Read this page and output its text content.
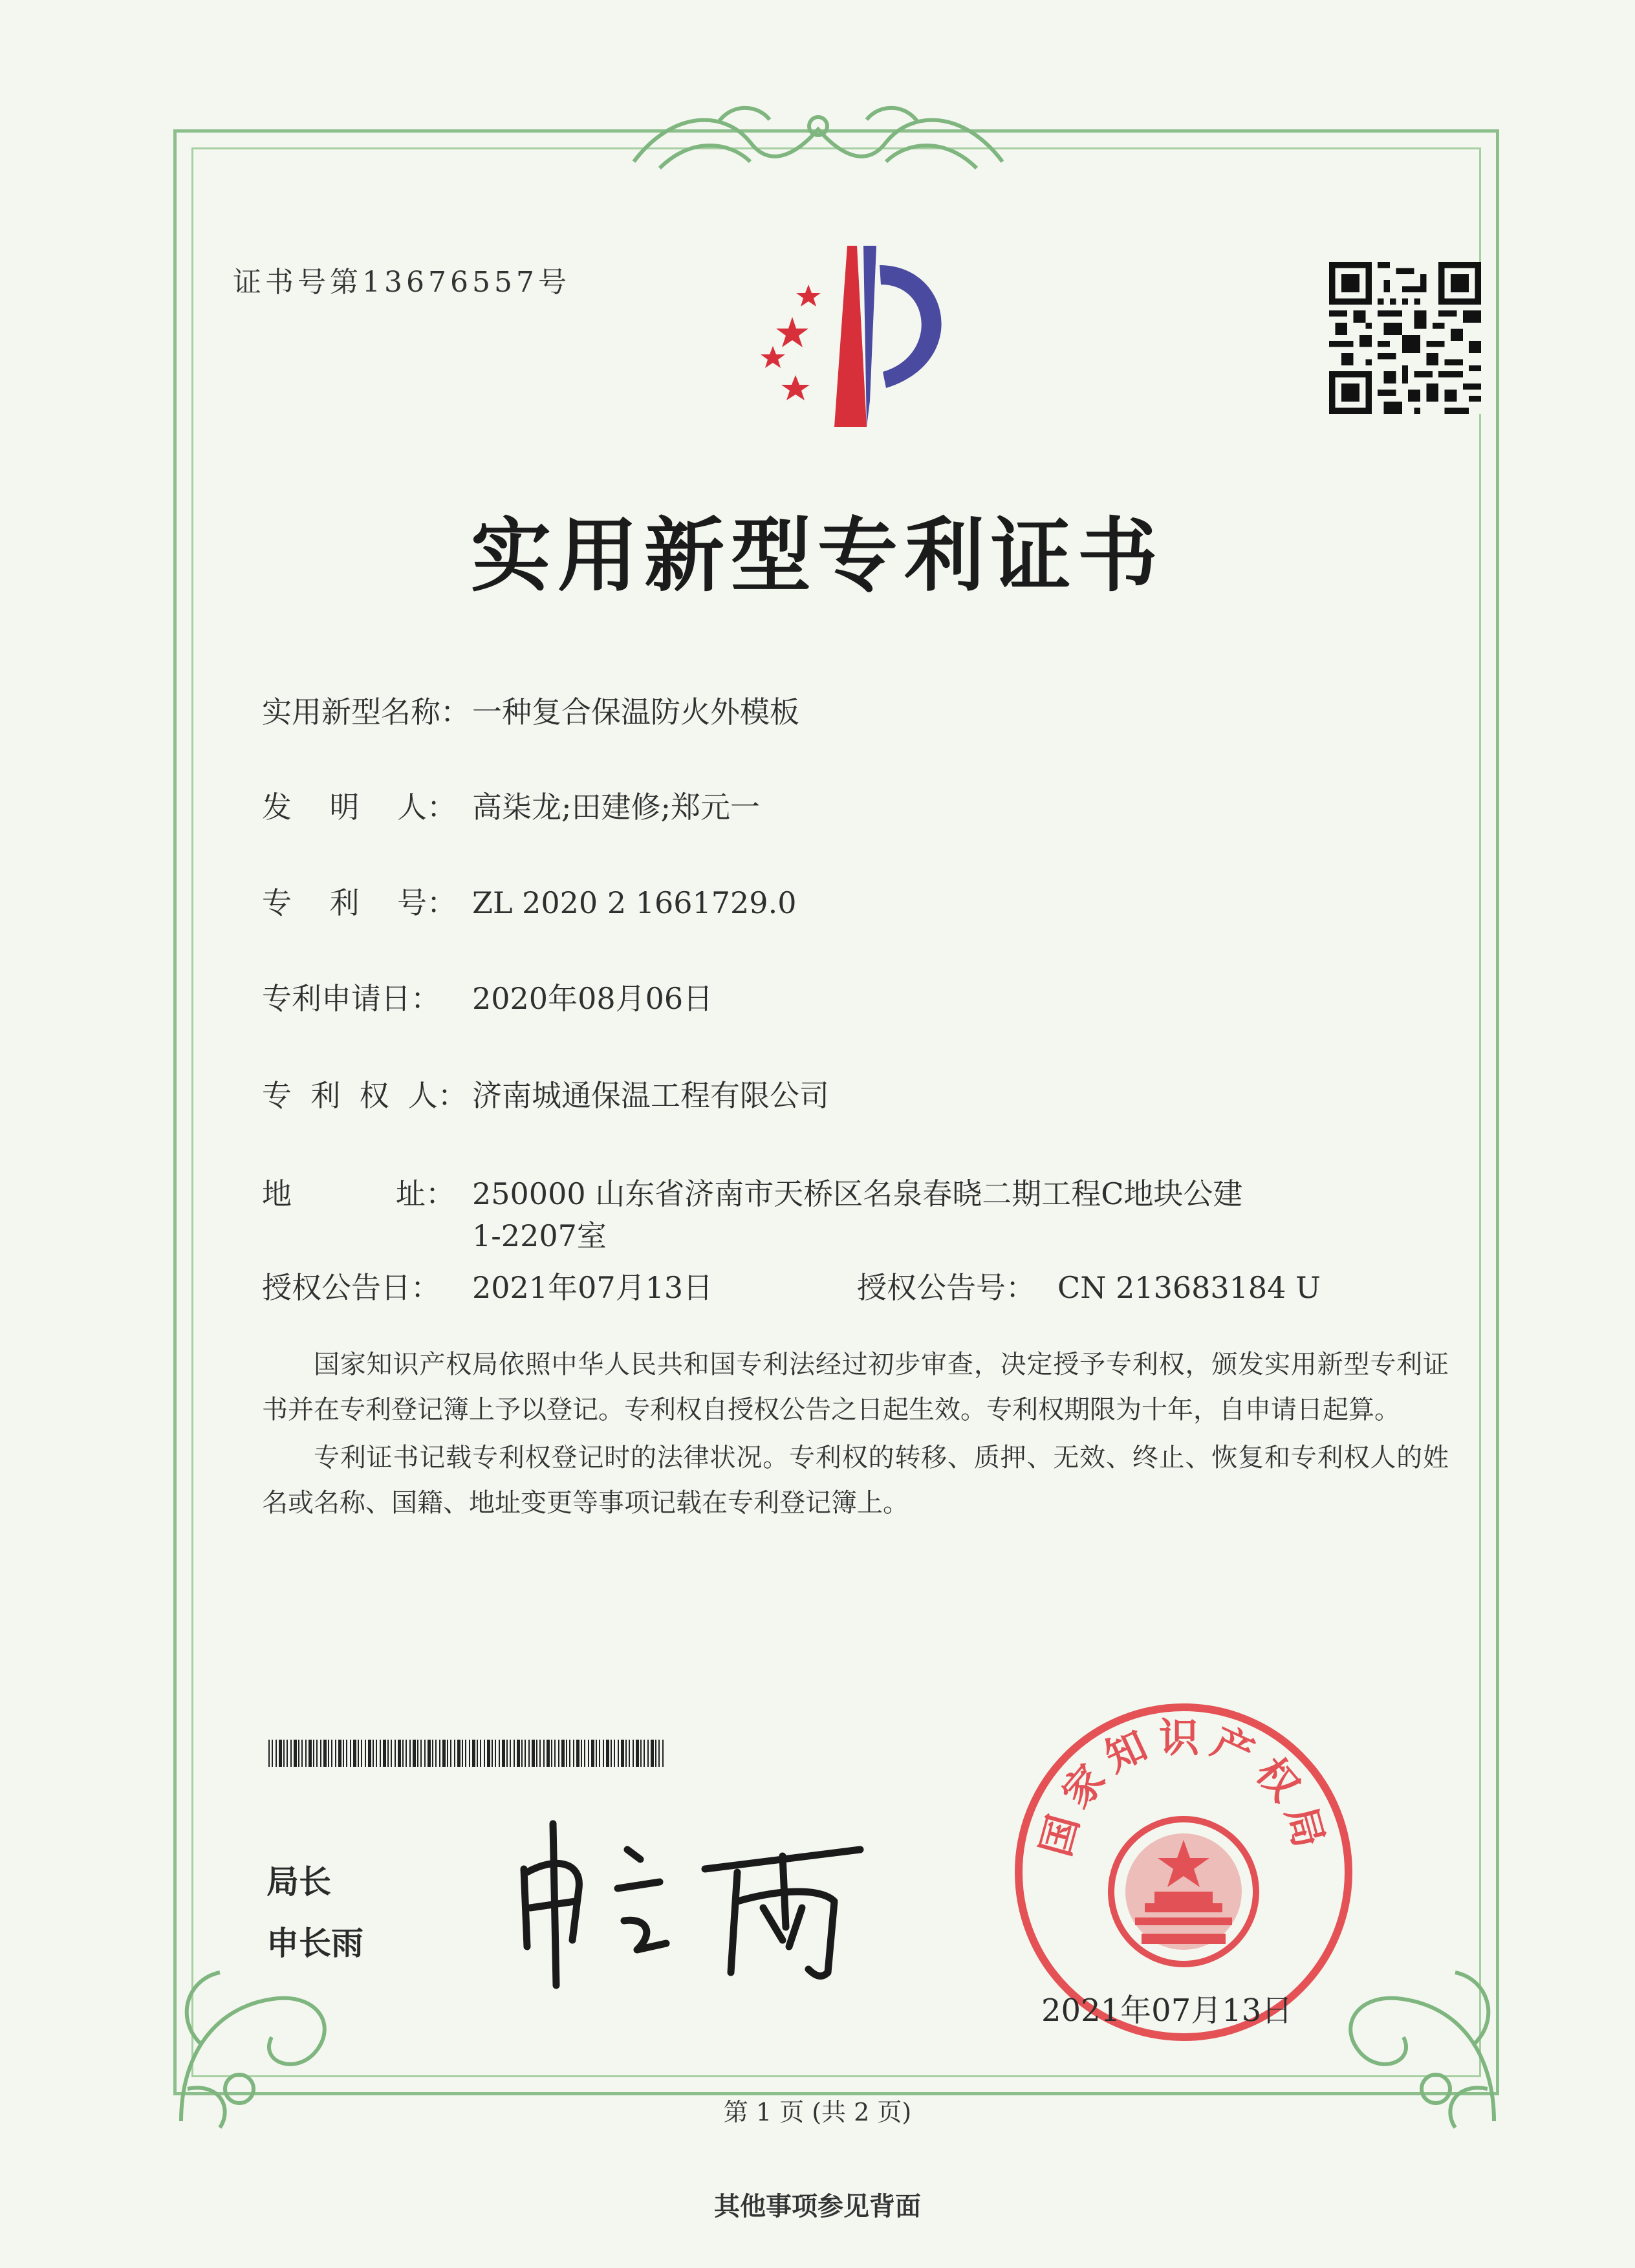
证书号第13676557号
实用新型专利证书
实用新型名称：一种复合保温防火外模板
发    明    人： 高柒龙;田建修;郑元一
专    利    号： ZL 2020 2 1661729.0
专利申请日： 2020年08月06日
专  利  权  人： 济南城通保温工程有限公司
地           址： 250000 山东省济南市天桥区名泉春晓二期工程C地块公建
1-2207室
授权公告日： 2021年07月13日	授权公告号： CN 213683184 U

国家知识产权局依照中华人民共和国专利法经过初步审查，决定授予专利权，颁发实用新型专利证书并在专利登记簿上予以登记。专利权自授权公告之日起生效。专利权期限为十年，自申请日起算。

专利证书记载专利权登记时的法律状况。专利权的转移、质押、无效、终止、恢复和专利权人的姓名或名称、国籍、地址变更等事项记载在专利登记簿上。

局长
申长雨
国家知识产权局
2021年07月13日
第 1 页 (共 2 页)
其他事项参见背面
